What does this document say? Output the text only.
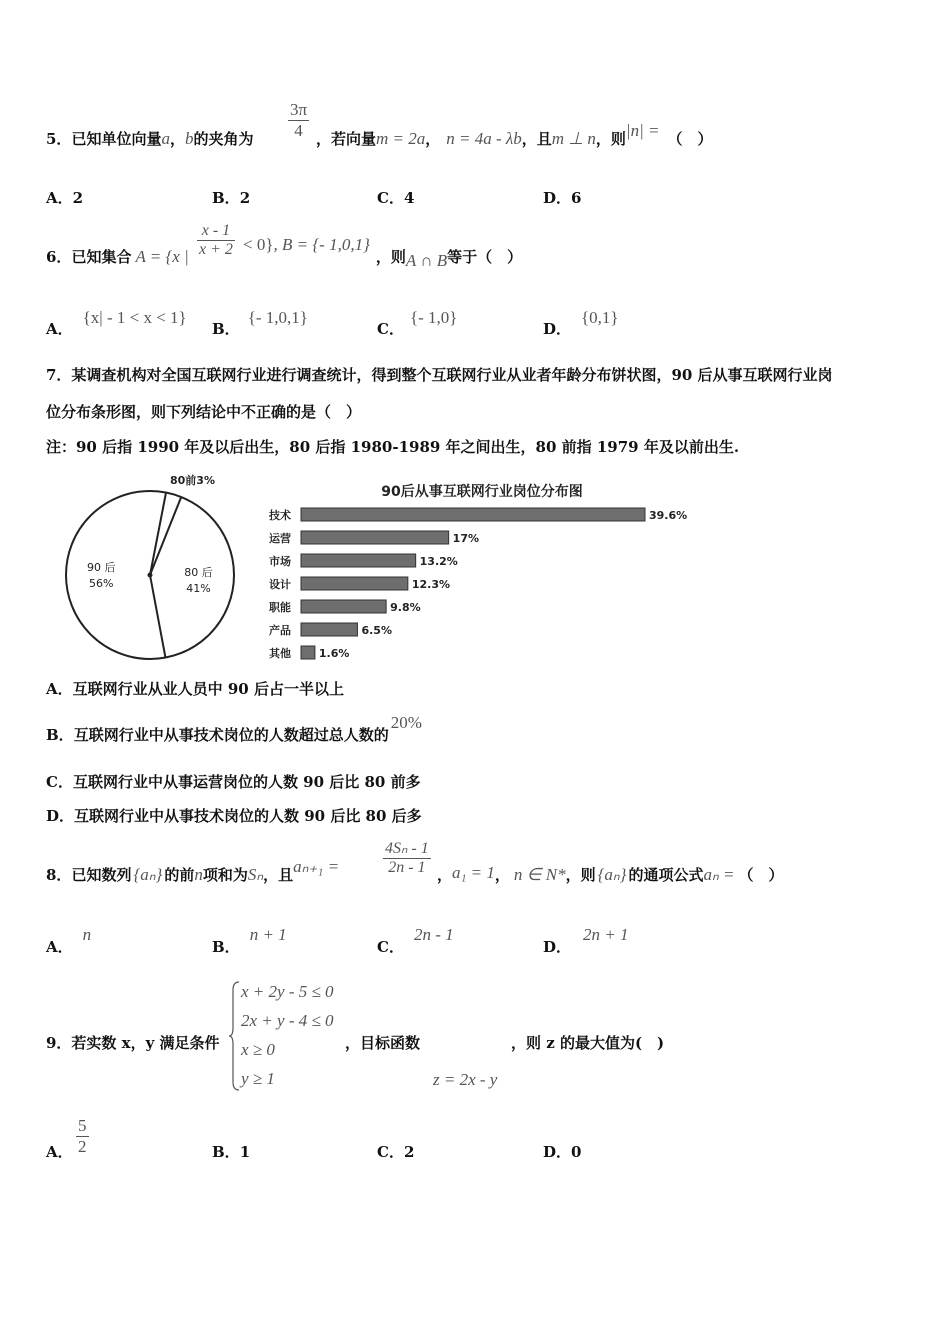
5．已知单位向量a，b的夹角为 $\frac{3\pi}{4}$ ，若向量m = 2a， n = 4a - λb，且m ⊥ n，则|n| = （　）
A．2	B．2	C．4	D．6
6．已知集合 A = {x | $\frac{x - 1}{x + 2} < 0$}, B = {- 1,0,1}，则A ∩ B等于（　）
A．{x| - 1 < x < 1}
B．{- 1,0,1}
C．{- 1,0}
D．{0,1}
7．某调查机构对全国互联网行业进行调查统计，得到整个互联网行业从业者年龄分布饼状图，90 后从事互联网行业岗
位分布条形图，则下列结论中不正确的是（　）
注：90 后指 1990 年及以后出生，80 后指 1980-1989 年之间出生，80 前指 1979 年及以前出生.
90 后
56%
80 后
41%
80前3%
90后从事互联网行业岗位分布图
技术	39.6%
运营	17%
市场	13.2%
设计	12.3%
职能	9.8%
产品	6.5%
其他	1.6%
A．互联网行业从业人员中 90 后占一半以上
B．互联网行业中从事技术岗位的人数超过总人数的20%
C．互联网行业中从事运营岗位的人数 90 后比 80 前多
D．互联网行业中从事技术岗位的人数 90 后比 80 后多
8．已知数列 {aₙ} 的前n项和为Sₙ，且aₙ₊₁ =	$\frac{\text{4Sₙ - 1}}{2n - 1}$ ，a₁ = 1， n ∈ N*，则 {aₙ} 的通项公式aₙ = （　）
A．n
B．n + 1
C．2n - 1
D．2n + 1
9．若实数 x，y 满足条件
x + 2y - 5 ≤ 0
2x + y - 4 ≤ 0
x ≥ 0
y ≥ 1
，目标函数	，则 z 的最大值为(　)
z = 2x - y
A． $\frac{5}{2}$	B．1	C．2	D．0
